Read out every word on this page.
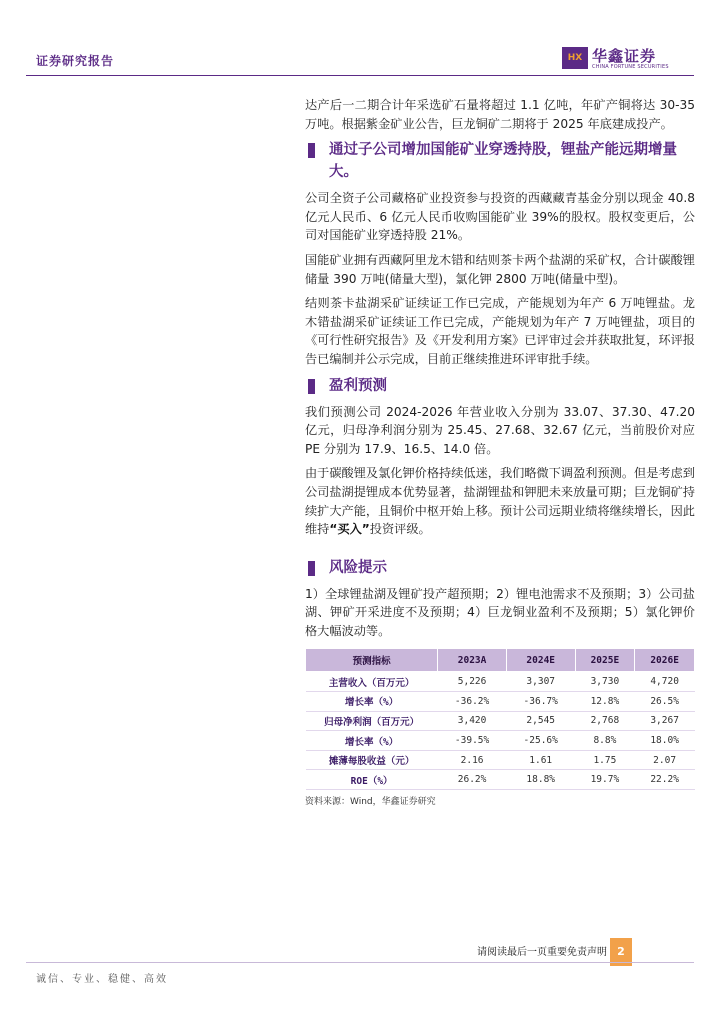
证券研究报告	HX 华鑫证券
CHINA FORTUNE SECURITIES

达产后一二期合计年采选矿石量将超过 1.1 亿吨，年矿产铜将达 30-35 万吨。根据紫金矿业公告，巨龙铜矿二期将于 2025 年底建成投产。

通过子公司增加国能矿业穿透持股，锂盐产能远期增量大。

公司全资子公司藏格矿业投资参与投资的西藏藏青基金分别以现金 40.8 亿元人民币、6 亿元人民币收购国能矿业 39%的股权。股权变更后，公司对国能矿业穿透持股 21%。

国能矿业拥有西藏阿里龙木错和结则茶卡两个盐湖的采矿权，合计碳酸锂储量 390 万吨(储量大型)，氯化钾 2800 万吨(储量中型)。

结则茶卡盐湖采矿证续证工作已完成，产能规划为年产 6 万吨锂盐。龙木错盐湖采矿证续证工作已完成，产能规划为年产 7 万吨锂盐，项目的《可行性研究报告》及《开发利用方案》已评审过会并获取批复，环评报告已编制并公示完成，目前正继续推进环评审批手续。

盈利预测

我们预测公司 2024-2026 年营业收入分别为 33.07、37.30、47.20 亿元，归母净利润分别为 25.45、27.68、32.67 亿元，当前股价对应 PE 分别为 17.9、16.5、14.0 倍。

由于碳酸锂及氯化钾价格持续低迷，我们略微下调盈利预测。但是考虑到公司盐湖提锂成本优势显著，盐湖锂盐和钾肥未来放量可期；巨龙铜矿持续扩大产能，且铜价中枢开始上移。预计公司远期业绩将继续增长，因此维持“买入”投资评级。

风险提示

1）全球锂盐湖及锂矿投产超预期；2）锂电池需求不及预期；3）公司盐湖、钾矿开采进度不及预期；4）巨龙铜业盈利不及预期；5）氯化钾价格大幅波动等。

预测指标	2023A	2024E	2025E	2026E
主营收入（百万元）	5,226	3,307	3,730	4,720
增长率（%）	-36.2%	-36.7%	12.8%	26.5%
归母净利润（百万元）	3,420	2,545	2,768	3,267
增长率（%）	-39.5%	-25.6%	8.8%	18.0%
摊薄每股收益（元）	2.16	1.61	1.75	2.07
ROE（%）	26.2%	18.8%	19.7%	22.2%
资料来源：Wind，华鑫证券研究
请阅读最后一页重要免责声明 2
诚信、专业、稳健、高效
